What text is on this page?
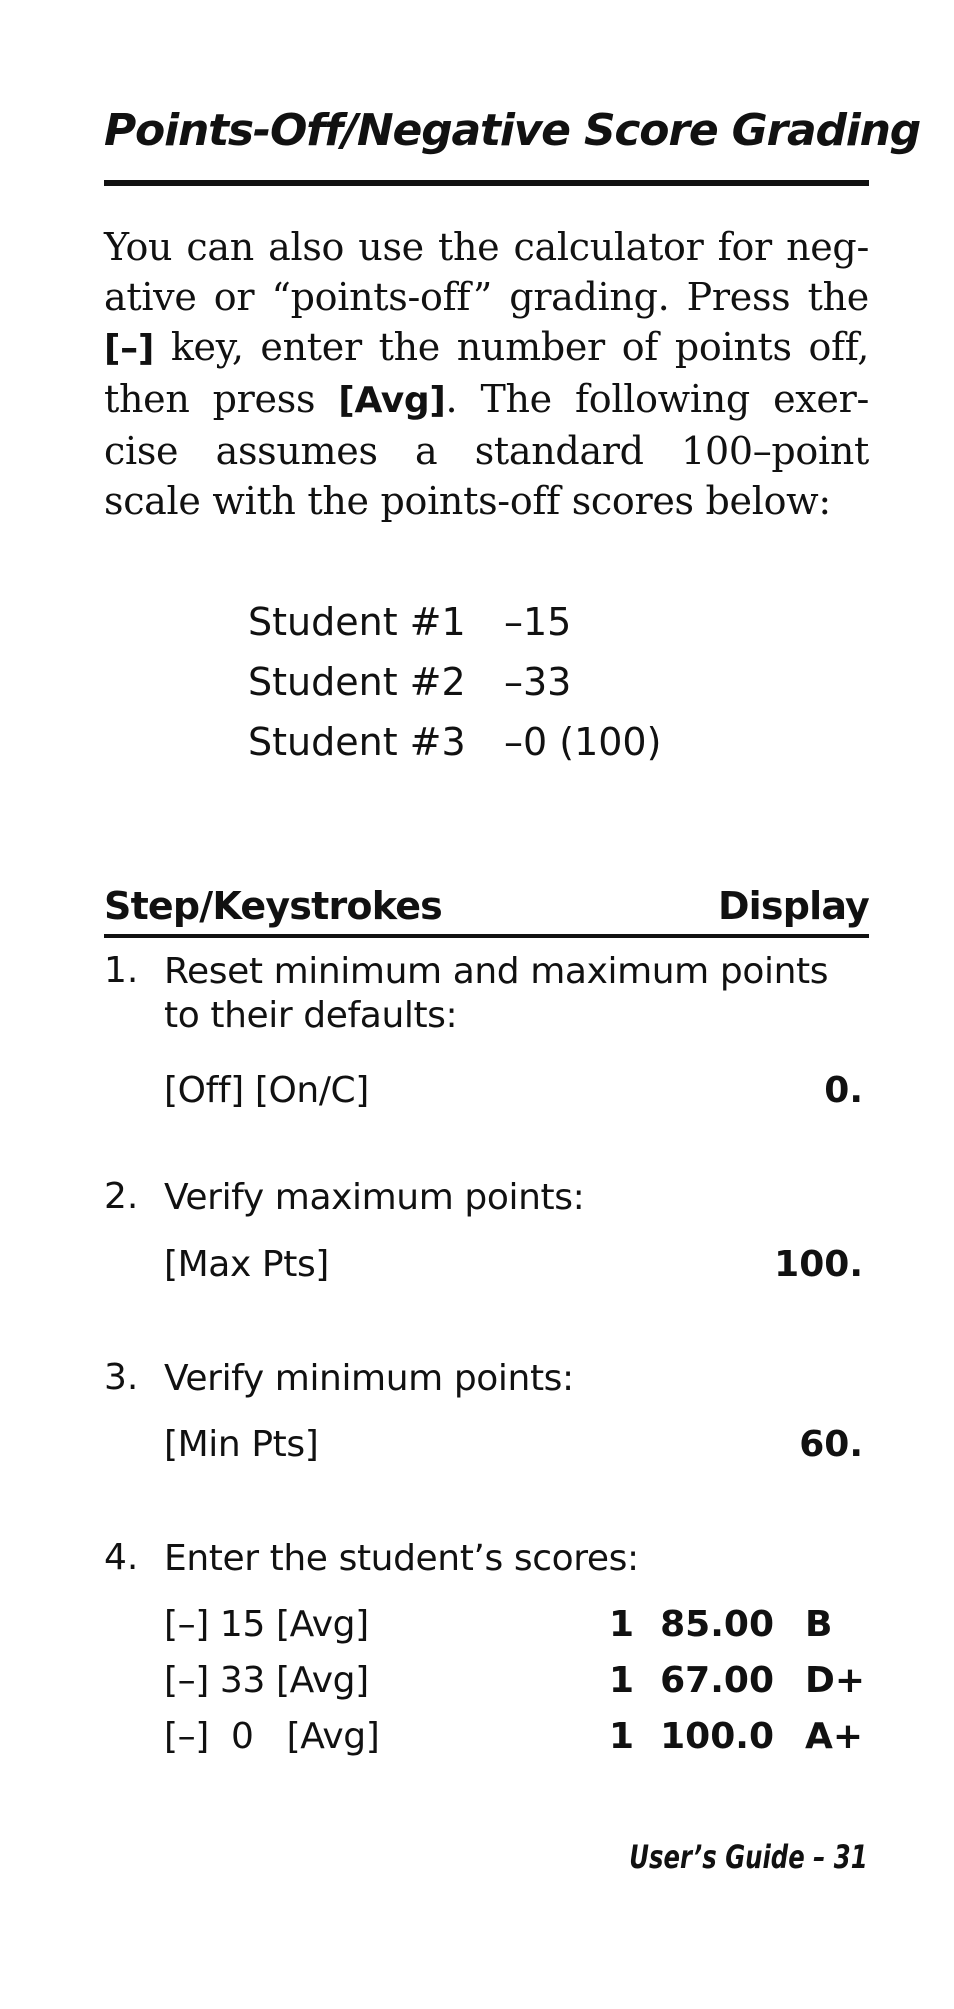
Points-Off/Negative Score Grading
You can also use the calculator for neg-ative or “points-off” grading. Press the [–] key, enter the number of points off, then press [Avg]. The following exer-cise assumes a standard 100–point scale with the points-off scores below:
Student #1 –15
Student #2 –33
Student #3 –0 (100)
Step/Keystrokes	Display
1. Reset minimum and maximum points to their defaults:
[Off] [On/C]	0.
2. Verify maximum points:
[Max Pts]	100.
3. Verify minimum points:
[Min Pts]	60.
4. Enter the student’s scores:
[–] 15 [Avg]	1 85.00 B
[–] 33 [Avg]	1 67.00 D+
[–]  0   [Avg]	1 100.0 A+
User’s Guide – 31
